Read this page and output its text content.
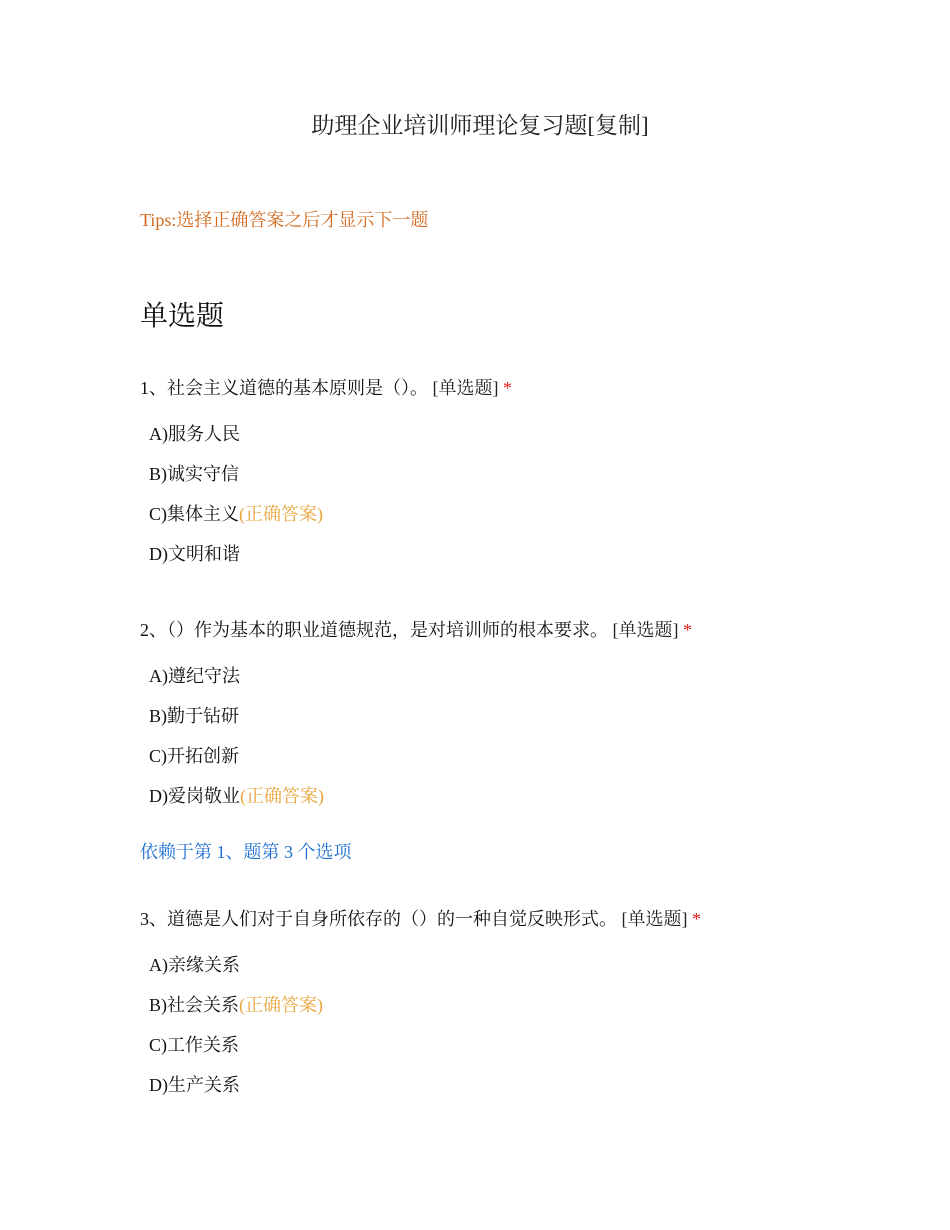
助理企业培训师理论复习题[复制]
Tips:选择正确答案之后才显示下一题
单选题
1、社会主义道德的基本原则是（）。 [单选题] *
A)服务人民
B)诚实守信
C)集体主义(正确答案)
D)文明和谐
2、（）作为基本的职业道德规范，是对培训师的根本要求。 [单选题] *
A)遵纪守法
B)勤于钻研
C)开拓创新
D)爱岗敬业(正确答案)
依赖于第 1、题第 3 个选项
3、道德是人们对于自身所依存的（）的一种自觉反映形式。 [单选题] *
A)亲缘关系
B)社会关系(正确答案)
C)工作关系
D)生产关系
